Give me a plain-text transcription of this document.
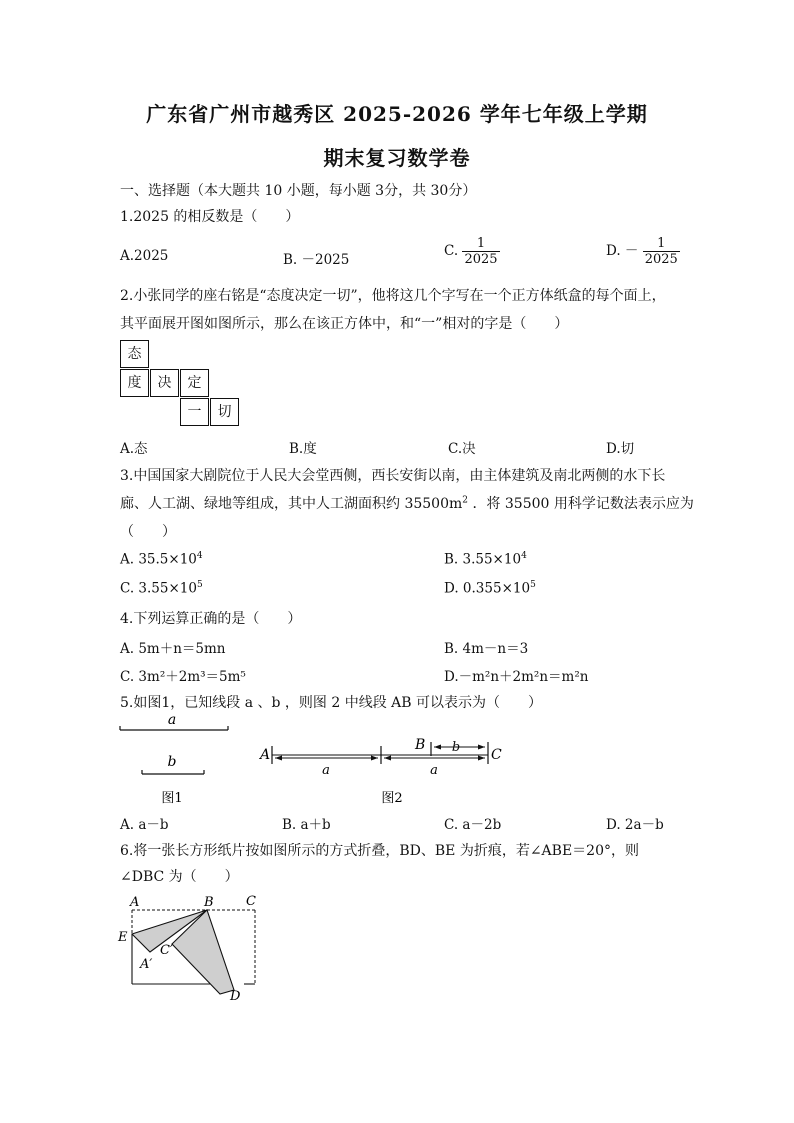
广东省广州市越秀区 2025-2026 学年七年级上学期
期末复习数学卷
一、选择题（本大题共 10 小题，每小题 3分，共 30分）
1.2025 的相反数是（　　）
A.2025	B. －2025
C. $\frac{1}{2025}$	D. － $\frac{1}{2025}$
2.小张同学的座右铭是“态度决定一切”，他将这几个字写在一个正方体纸盒的每个面上，
其平面展开图如图所示，那么在该正方体中，和“一”相对的字是（　　）
态
度	决	定
一	切
A.态	B.度	C.决	D.切
3.中国国家大剧院位于人民大会堂西侧，西长安街以南，由主体建筑及南北两侧的水下长
廊、人工湖、绿地等组成，其中人工湖面积约 $35500m^2$ ．将 35500 用科学记数法表示应为
（　　）
A. $35.5\times 10^4$	B. $3.55\times 10^4$
C. $3.55\times 10^5$	D. $0.355\times 10^5$
4.下列运算正确的是（　　）
A. 5m＋n＝5mn	B. 4m－n＝3
C. 3m²＋2m³＝5m⁵	D.－m²n＋2m²n＝m²n
5.如图1，已知线段 a 、b ，则图 2 中线段 AB 可以表示为（　　）
a
b
图1
A
a	a
b
B
C
图2
A. a－b	B. a＋b	C. a－2b	D. 2a－b
6.将一张长方形纸片按如图所示的方式折叠，BD、BE 为折痕，若∠ABE＝20°，则
∠DBC 为（　　）
A	B C
E
A′
C′
D
